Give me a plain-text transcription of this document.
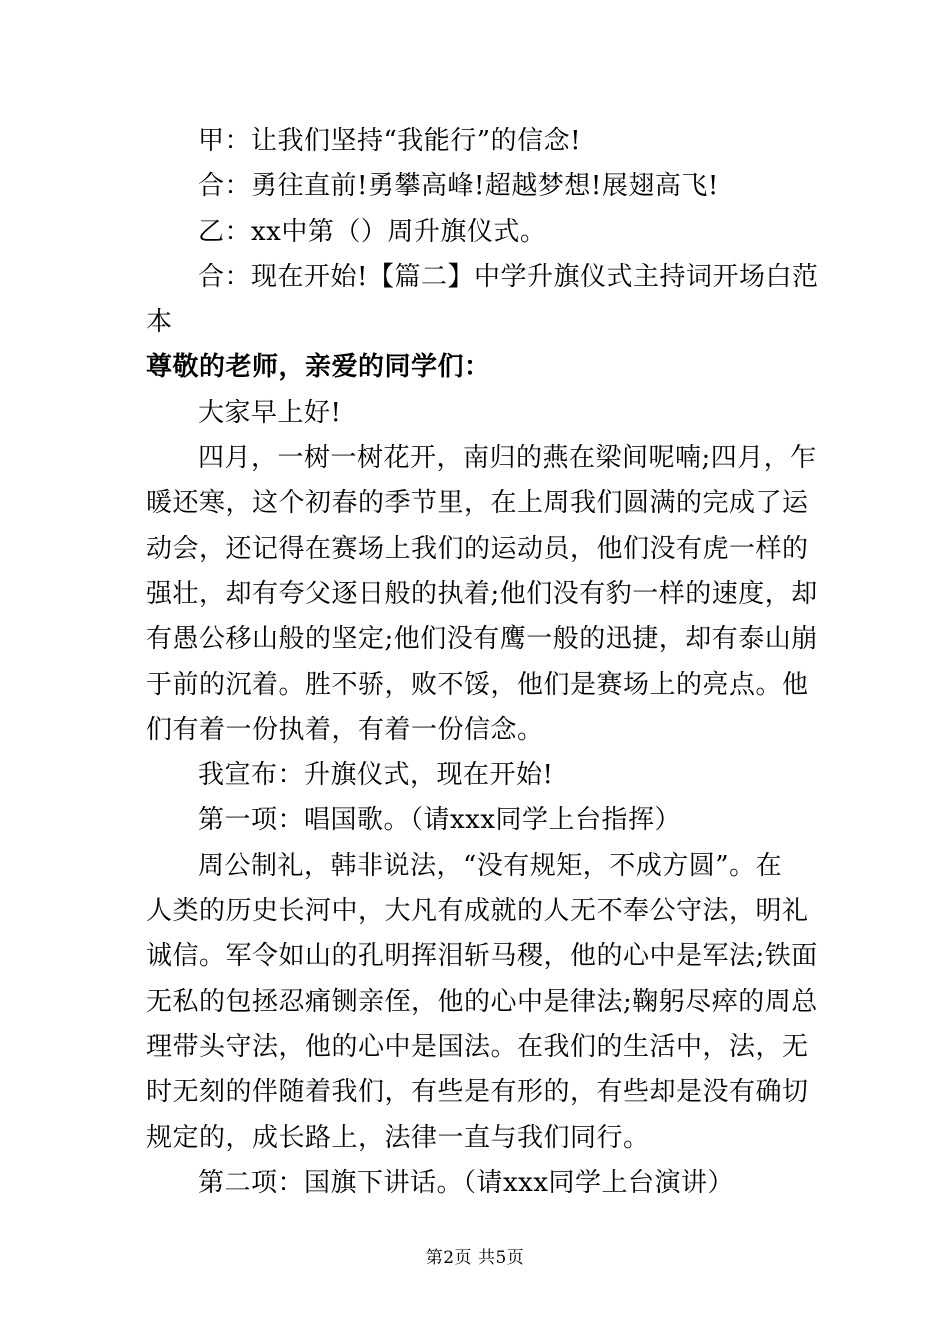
甲：让我们坚持“我能行”的信念!
合：勇往直前!勇攀高峰!超越梦想!展翅高飞!
乙：xx中第（）周升旗仪式。
合：现在开始!【篇二】中学升旗仪式主持词开场白范
本
尊敬的老师，亲爱的同学们：
大家早上好!
四月，一树一树花开，南归的燕在梁间呢喃;四月，乍
暖还寒，这个初春的季节里，在上周我们圆满的完成了运
动会，还记得在赛场上我们的运动员，他们没有虎一样的
强壮，却有夸父逐日般的执着;他们没有豹一样的速度，却
有愚公移山般的坚定;他们没有鹰一般的迅捷，却有泰山崩
于前的沉着。胜不骄，败不馁，他们是赛场上的亮点。他
们有着一份执着，有着一份信念。
我宣布：升旗仪式，现在开始!
第一项：唱国歌。（请xxx同学上台指挥）
周公制礼，韩非说法，“没有规矩，不成方圆”。在
人类的历史长河中，大凡有成就的人无不奉公守法，明礼
诚信。军令如山的孔明挥泪斩马稷，他的心中是军法;铁面
无私的包拯忍痛铡亲侄，他的心中是律法;鞠躬尽瘁的周总
理带头守法，他的心中是国法。在我们的生活中，法，无
时无刻的伴随着我们，有些是有形的，有些却是没有确切
规定的，成长路上，法律一直与我们同行。
第二项：国旗下讲话。（请xxx同学上台演讲）
第2页 共5页
